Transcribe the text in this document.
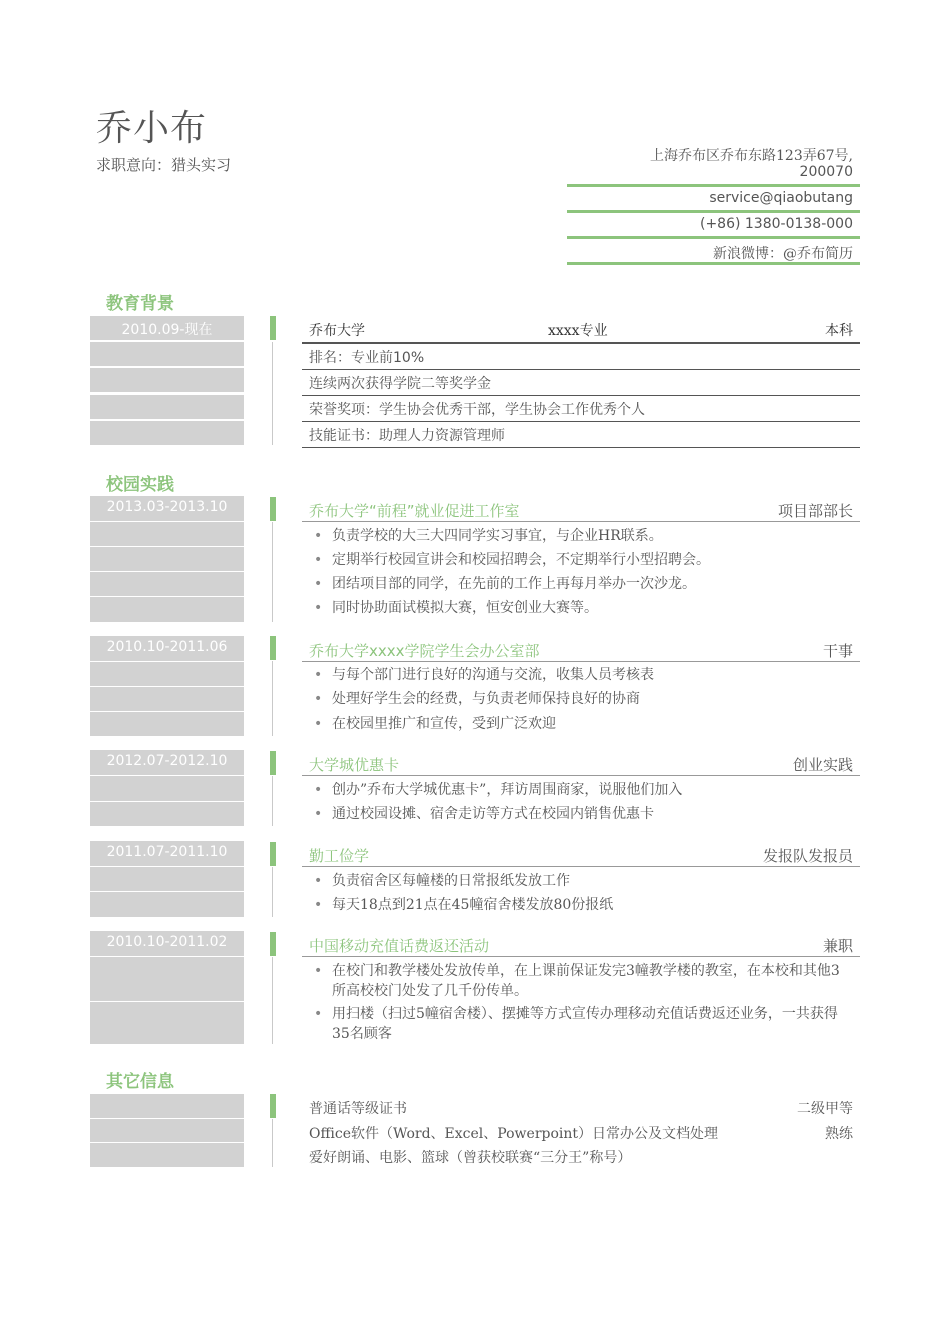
乔小布
求职意向：猎头实习	上海乔布区乔布东路123弄67号,
200070
service@qiaobutang
(+86) 1380-0138-000
新浪微博：@乔布简历
教育背景
2010.09-现在	乔布大学	xxxx专业	本科
排名：专业前10%
连续两次获得学院二等奖学金
荣誉奖项：学生协会优秀干部，学生协会工作优秀个人
技能证书：助理人力资源管理师
校园实践
2013.03-2013.10	乔布大学“前程”就业促进工作室	项目部部长
• 负责学校的大三大四同学实习事宜，与企业HR联系。
• 定期举行校园宣讲会和校园招聘会，不定期举行小型招聘会。
• 团结项目部的同学，在先前的工作上再每月举办一次沙龙。
• 同时协助面试模拟大赛，恒安创业大赛等。
2010.10-2011.06	乔布大学xxxx学院学生会办公室部	干事
• 与每个部门进行良好的沟通与交流，收集人员考核表
• 处理好学生会的经费，与负责老师保持良好的协商
• 在校园里推广和宣传，受到广泛欢迎
2012.07-2012.10	大学城优惠卡	创业实践
• 创办”乔布大学城优惠卡”，拜访周围商家，说服他们加入
• 通过校园设摊、宿舍走访等方式在校园内销售优惠卡
2011.07-2011.10	勤工俭学	发报队发报员
• 负责宿舍区每幢楼的日常报纸发放工作
• 每天18点到21点在45幢宿舍楼发放80份报纸
2010.10-2011.02	中国移动充值话费返还活动	兼职
• 在校门和教学楼处发放传单，在上课前保证发完3幢教学楼的教室，在本校和其他3所高校校门处发了几千份传单。
• 用扫楼（扫过5幢宿舍楼）、摆摊等方式宣传办理移动充值话费返还业务，一共获得35名顾客
其它信息
普通话等级证书	二级甲等
Office软件（Word、Excel、Powerpoint）日常办公及文档处理	熟练
爱好朗诵、电影、篮球（曾获校联赛“三分王”称号）
